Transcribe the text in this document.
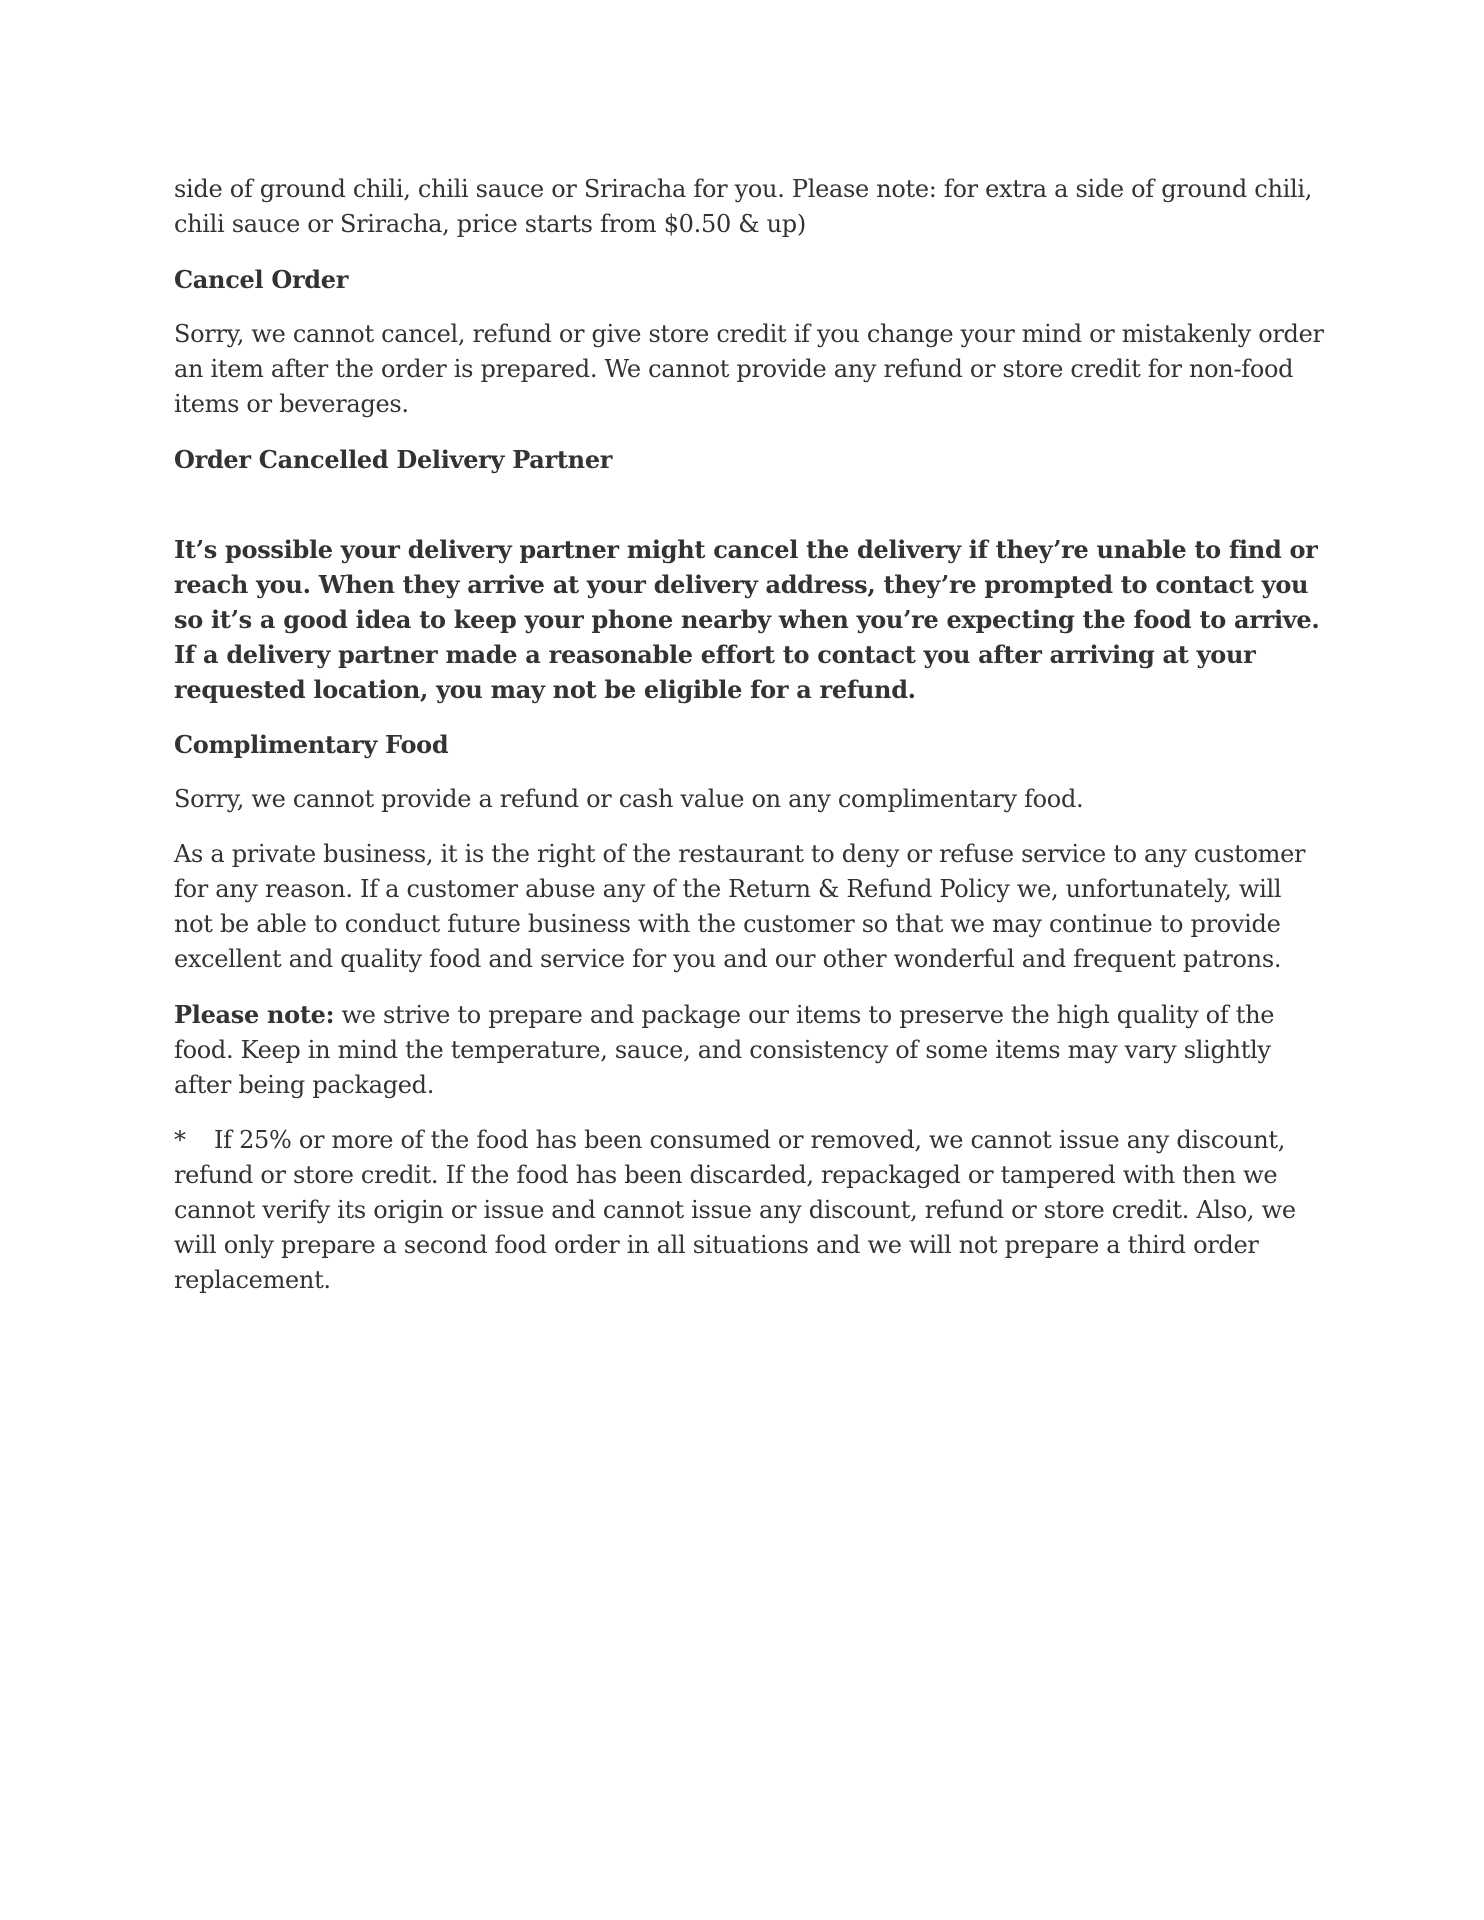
side of ground chili, chili sauce or Sriracha for you. Please note: for extra a side of ground chili, chili sauce or Sriracha, price starts from $0.50 & up)

Cancel Order

Sorry, we cannot cancel, refund or give store credit if you change your mind or mistakenly order an item after the order is prepared. We cannot provide any refund or store credit for non-food items or beverages.

Order Cancelled Delivery Partner

It’s possible your delivery partner might cancel the delivery if they’re unable to find or reach you. When they arrive at your delivery address, they’re prompted to contact you so it’s a good idea to keep your phone nearby when you’re expecting the food to arrive. If a delivery partner made a reasonable effort to contact you after arriving at your requested location, you may not be eligible for a refund.

Complimentary Food

Sorry, we cannot provide a refund or cash value on any complimentary food.

As a private business, it is the right of the restaurant to deny or refuse service to any customer for any reason. If a customer abuse any of the Return & Refund Policy we, unfortunately, will not be able to conduct future business with the customer so that we may continue to provide excellent and quality food and service for you and our other wonderful and frequent patrons.

Please note: we strive to prepare and package our items to preserve the high quality of the food. Keep in mind the temperature, sauce, and consistency of some items may vary slightly after being packaged.

* If 25% or more of the food has been consumed or removed, we cannot issue any discount, refund or store credit. If the food has been discarded, repackaged or tampered with then we cannot verify its origin or issue and cannot issue any discount, refund or store credit. Also, we will only prepare a second food order in all situations and we will not prepare a third order replacement.
